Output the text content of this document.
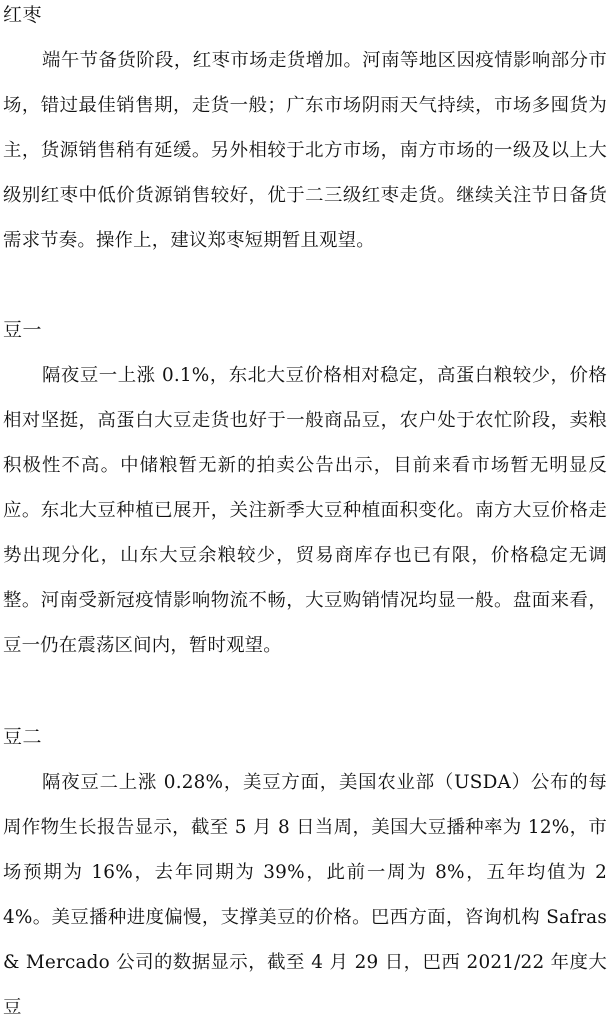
红枣

端午节备货阶段，红枣市场走货增加。河南等地区因疫情影响部分市场，错过最佳销售期，走货一般；广东市场阴雨天气持续，市场多囤货为主，货源销售稍有延缓。另外相较于北方市场，南方市场的一级及以上大级别红枣中低价货源销售较好，优于二三级红枣走货。继续关注节日备货需求节奏。操作上，建议郑枣短期暂且观望。

豆一

隔夜豆一上涨 0.1%，东北大豆价格相对稳定，高蛋白粮较少，价格相对坚挺，高蛋白大豆走货也好于一般商品豆，农户处于农忙阶段，卖粮积极性不高。中储粮暂无新的拍卖公告出示，目前来看市场暂无明显反应。东北大豆种植已展开，关注新季大豆种植面积变化。南方大豆价格走势出现分化，山东大豆余粮较少，贸易商库存也已有限，价格稳定无调整。河南受新冠疫情影响物流不畅，大豆购销情况均显一般。盘面来看，豆一仍在震荡区间内，暂时观望。

豆二

隔夜豆二上涨 0.28%，美豆方面，美国农业部（USDA）公布的每周作物生长报告显示，截至 5 月 8 日当周，美国大豆播种率为 12%，市场预期为 16%，去年同期为 39%，此前一周为 8%，五年均值为 24%。美豆播种进度偏慢，支撑美豆的价格。巴西方面，咨询机构 Safras & Mercado 公司的数据显示，截至 4 月 29 日，巴西 2021/22 年度大豆
